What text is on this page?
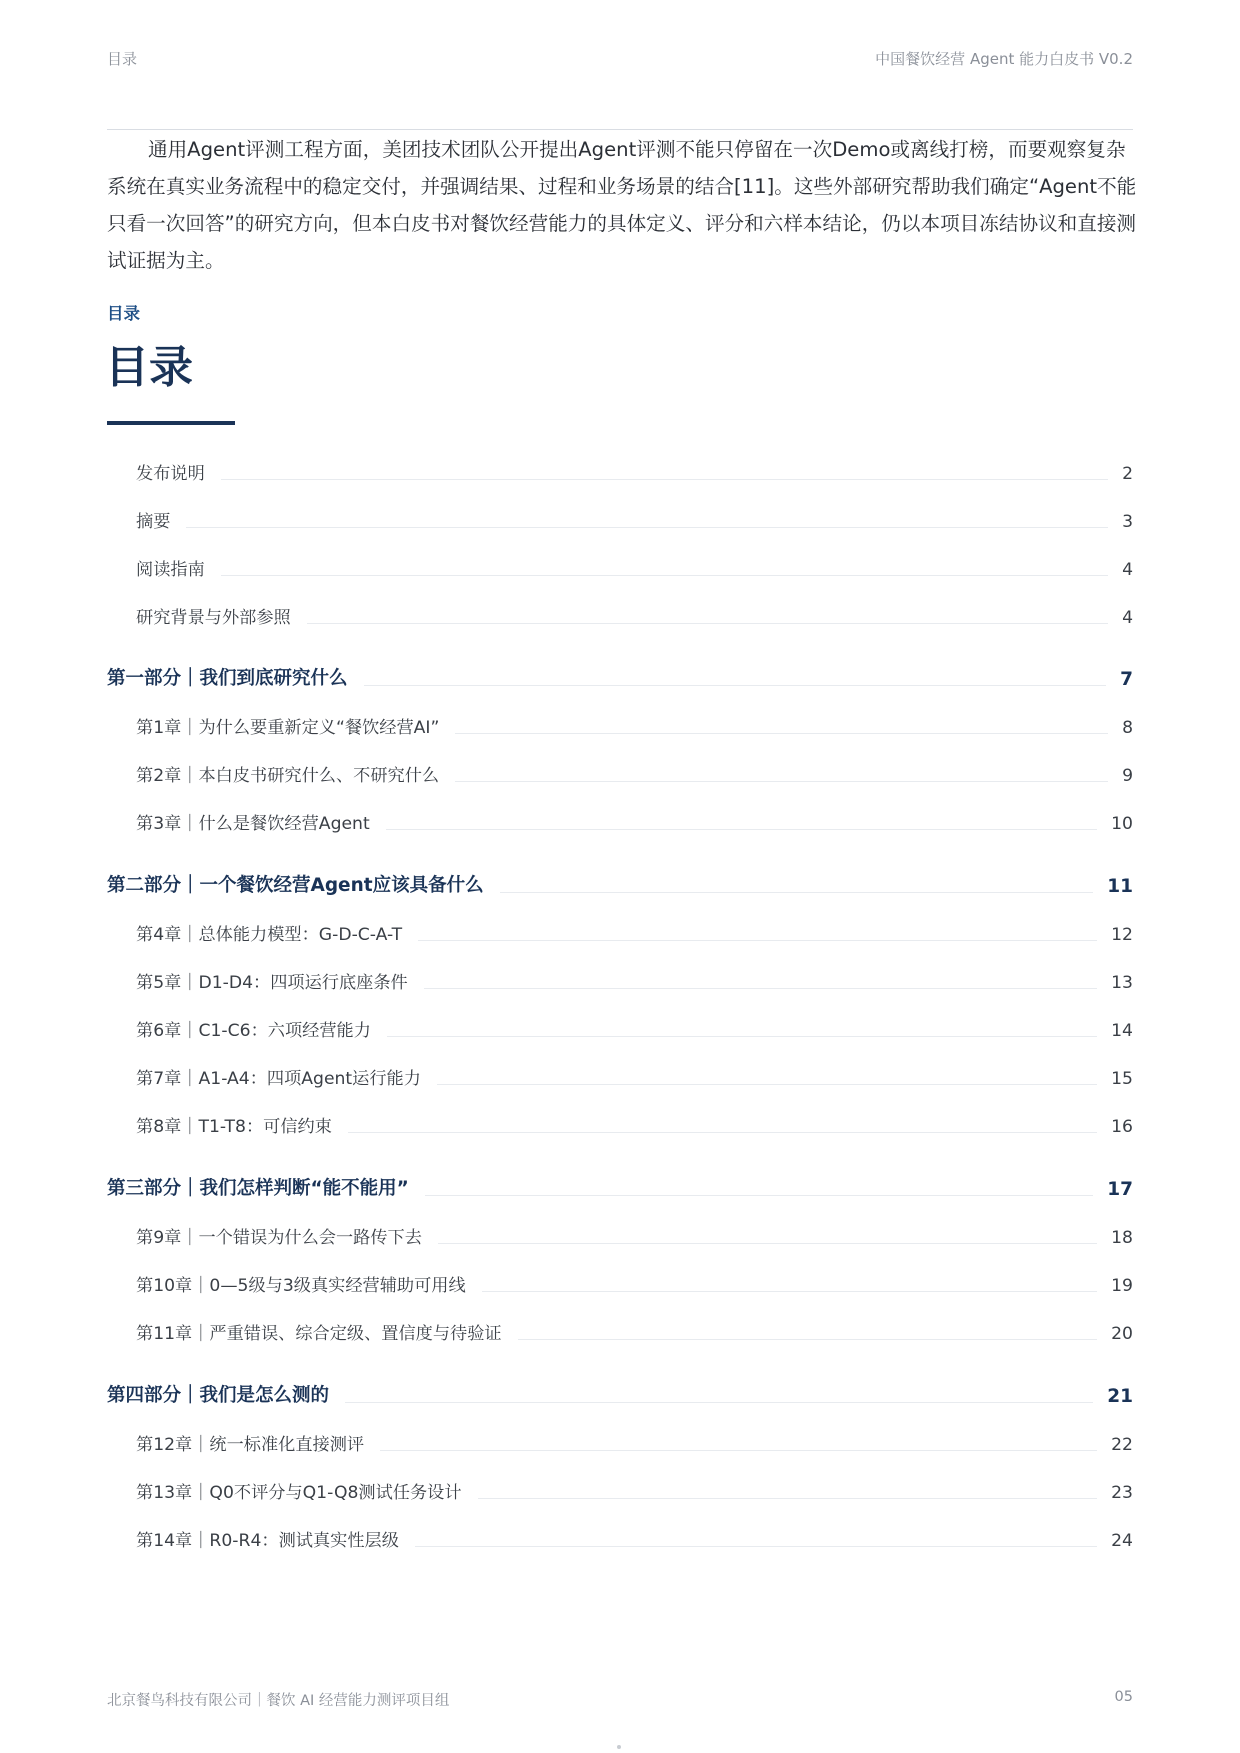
目录	中国餐饮经营 Agent 能力白皮书 V0.2

通用Agent评测工程方面，美团技术团队公开提出Agent评测不能只停留在一次Demo或离线打榜，而要观察复杂系统在真实业务流程中的稳定交付，并强调结果、过程和业务场景的结合[11]。这些外部研究帮助我们确定“Agent不能只看一次回答”的研究方向，但本白皮书对餐饮经营能力的具体定义、评分和六样本结论，仍以本项目冻结协议和直接测试证据为主。

目录
目录
发布说明	2
摘要	3
阅读指南	4
研究背景与外部参照	4
第一部分｜我们到底研究什么	7
第1章｜为什么要重新定义“餐饮经营AI”	8
第2章｜本白皮书研究什么、不研究什么	9
第3章｜什么是餐饮经营Agent	10
第二部分｜一个餐饮经营Agent应该具备什么	11
第4章｜总体能力模型：G-D-C-A-T	12
第5章｜D1-D4：四项运行底座条件	13
第6章｜C1-C6：六项经营能力	14
第7章｜A1-A4：四项Agent运行能力	15
第8章｜T1-T8：可信约束	16
第三部分｜我们怎样判断“能不能用”	17
第9章｜一个错误为什么会一路传下去	18
第10章｜0—5级与3级真实经营辅助可用线	19
第11章｜严重错误、综合定级、置信度与待验证	20
第四部分｜我们是怎么测的	21
第12章｜统一标准化直接测评	22
第13章｜Q0不评分与Q1-Q8测试任务设计	23
第14章｜R0-R4：测试真实性层级	24
北京餐鸟科技有限公司｜餐饮 AI 经营能力测评项目组	05
